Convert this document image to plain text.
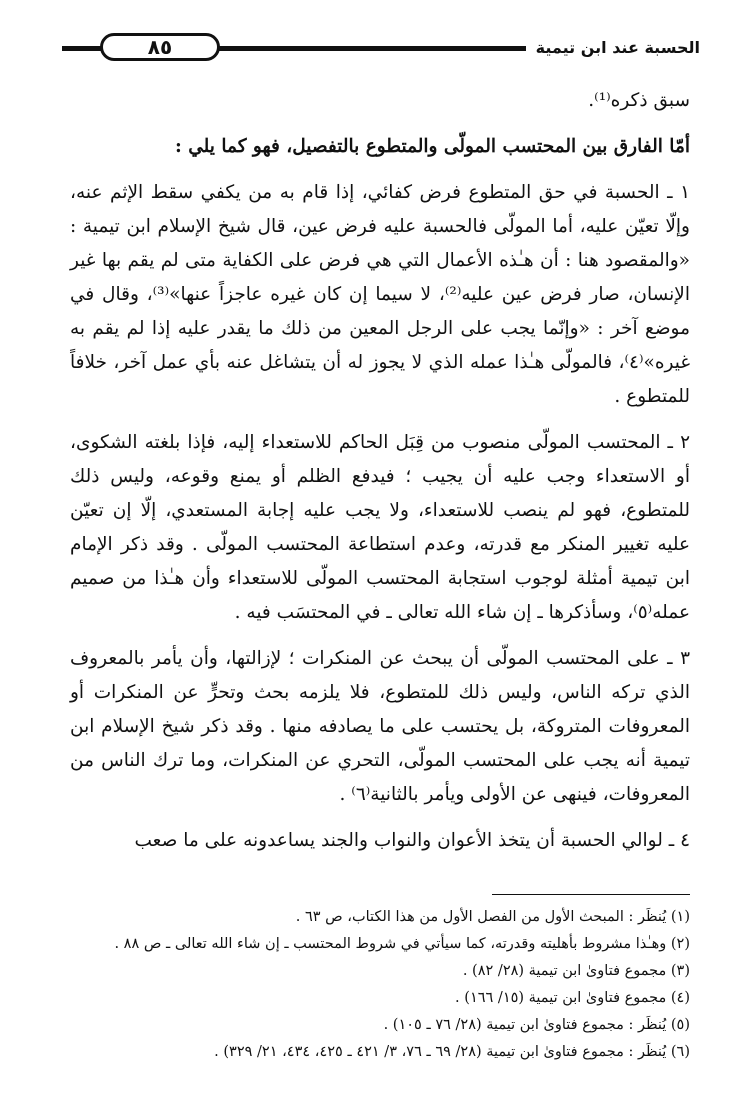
الحسبة عند ابن تيمية
٨٥

سبق ذكره⁽¹⁾.

أمّا الفارق بين المحتسب المولّى والمتطوع بالتفصيل، فهو كما يلي :

١ ـ الحسبة في حق المتطوع فرض كفائي، إذا قام به من يكفي سقط الإثم عنه، وإلّا تعيّن عليه، أما المولّى فالحسبة عليه فرض عين، قال شيخ الإسلام ابن تيمية : «والمقصود هنا : أن هـٰذه الأعمال التي هي فرض على الكفاية متى لم يقم بها غير الإنسان، صار فرض عين عليه⁽²⁾، لا سيما إن كان غيره عاجزاً عنها»⁽³⁾، وقال في موضع آخر : «وإنّما يجب على الرجل المعين من ذلك ما يقدر عليه إذا لم يقم به غيره»⁽٤⁾، فالمولّى هـٰذا عمله الذي لا يجوز له أن يتشاغل عنه بأي عمل آخر، خلافاً للمتطوع .

٢ ـ المحتسب المولّى منصوب من قِبَل الحاكم للاستعداء إليه، فإذا بلغته الشكوى، أو الاستعداء وجب عليه أن يجيب ؛ فيدفع الظلم أو يمنع وقوعه، وليس ذلك للمتطوع، فهو لم ينصب للاستعداء، ولا يجب عليه إجابة المستعدي، إلّا إن تعيّن عليه تغيير المنكر مع قدرته، وعدم استطاعة المحتسب المولّى . وقد ذكر الإمام ابن تيمية أمثلة لوجوب استجابة المحتسب المولّى للاستعداء وأن هـٰذا من صميم عمله⁽٥⁾، وسأذكرها ـ إن شاء الله تعالى ـ في المحتسَب فيه .

٣ ـ على المحتسب المولّى أن يبحث عن المنكرات ؛ لإزالتها، وأن يأمر بالمعروف الذي تركه الناس، وليس ذلك للمتطوع، فلا يلزمه بحث وتحرٍّ عن المنكرات أو المعروفات المتروكة، بل يحتسب على ما يصادفه منها . وقد ذكر شيخ الإسلام ابن تيمية أنه يجب على المحتسب المولّى، التحري عن المنكرات، وما ترك الناس من المعروفات، فينهى عن الأولى ويأمر بالثانية⁽٦⁾ .

٤ ـ لوالي الحسبة أن يتخذ الأعوان والنواب والجند يساعدونه على ما صعب

(١) يُنظَر : المبحث الأول من الفصل الأول من هذا الكتاب، ص ٦٣ .

(٢) وهـٰذا مشروط بأهليته وقدرته، كما سيأتي في شروط المحتسب ـ إن شاء الله تعالى ـ ص ٨٨ .

(٣) مجموع فتاوىٰ ابن تيمية (٢٨/ ٨٢) .

(٤) مجموع فتاوىٰ ابن تيمية (١٥/ ١٦٦) .

(٥) يُنظَر : مجموع فتاوىٰ ابن تيمية (٢٨/ ٧٦ ـ ١٠٥) .

(٦) يُنظَر : مجموع فتاوىٰ ابن تيمية (٢٨/ ٦٩ ـ ٧٦، ٣/ ٤٢١ ـ ٤٢٥، ٤٣٤، ٢١/ ٣٢٩) .
